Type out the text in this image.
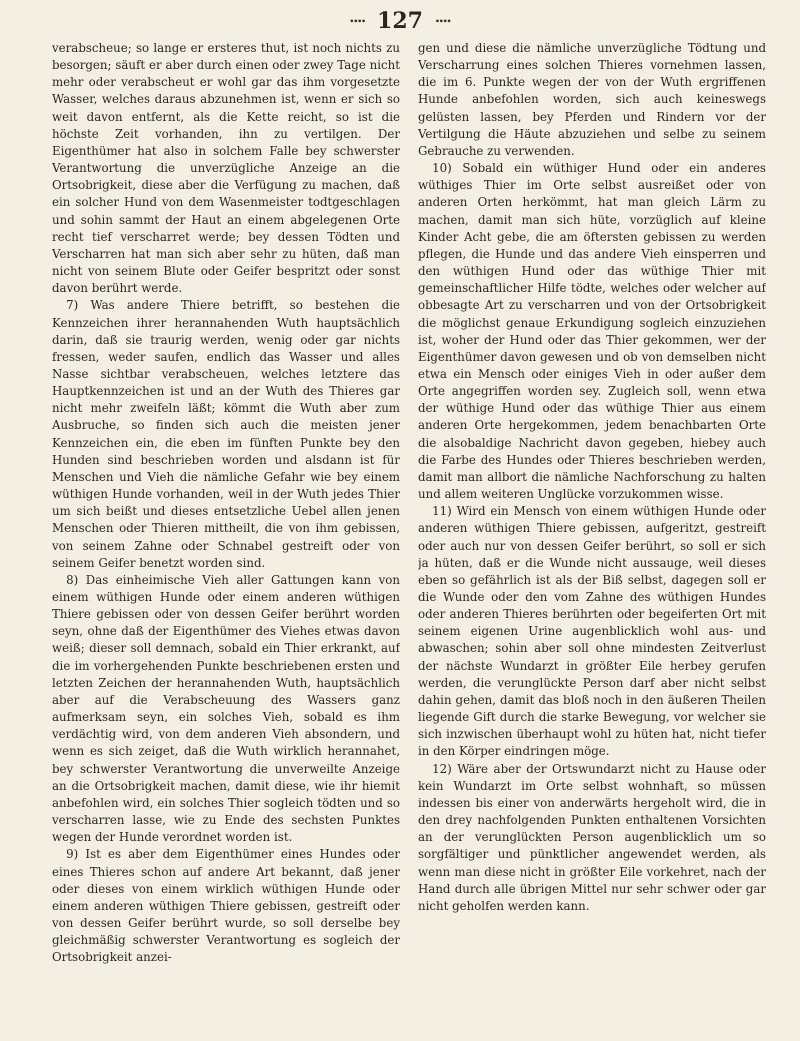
∙∙∙∙ 127 ∙∙∙∙

verabscheue; so lange er ersteres thut, ist noch nichts zu besorgen; säuft er aber durch einen oder zwey Tage nicht mehr oder verabscheut er wohl gar das ihm vorgesetzte Wasser, welches daraus abzunehmen ist, wenn er sich so weit davon entfernt, als die Kette reicht, so ist die höchste Zeit vorhanden, ihn zu vertilgen. Der Eigenthümer hat also in solchem Falle bey schwerster Verantwortung die unverzügliche Anzeige an die Ortsobrigkeit, diese aber die Verfügung zu machen, daß ein solcher Hund von dem Wasenmeister todtgeschlagen und sohin sammt der Haut an einem abgelegenen Orte recht tief verscharret werde; bey dessen Tödten und Verscharren hat man sich aber sehr zu hüten, daß man nicht von seinem Blute oder Geifer bespritzt oder sonst davon berührt werde.

7) Was andere Thiere betrifft, so bestehen die Kennzeichen ihrer herannahenden Wuth hauptsächlich darin, daß sie traurig werden, wenig oder gar nichts fressen, weder saufen, endlich das Wasser und alles Nasse sichtbar verabscheuen, welches letztere das Hauptkennzeichen ist und an der Wuth des Thieres gar nicht mehr zweifeln läßt; kömmt die Wuth aber zum Ausbruche, so finden sich auch die meisten jener Kennzeichen ein, die eben im fünften Punkte bey den Hunden sind beschrieben worden und alsdann ist für Menschen und Vieh die nämliche Gefahr wie bey einem wüthigen Hunde vorhanden, weil in der Wuth jedes Thier um sich beißt und dieses entsetzliche Uebel allen jenen Menschen oder Thieren mittheilt, die von ihm gebissen, von seinem Zahne oder Schnabel gestreift oder von seinem Geifer benetzt worden sind.

8) Das einheimische Vieh aller Gattungen kann von einem wüthigen Hunde oder einem anderen wüthigen Thiere gebissen oder von dessen Geifer berührt worden seyn, ohne daß der Eigenthümer des Viehes etwas davon weiß; dieser soll demnach, sobald ein Thier erkrankt, auf die im vorhergehenden Punkte beschriebenen ersten und letzten Zeichen der herannahenden Wuth, hauptsächlich aber auf die Verabscheuung des Wassers ganz aufmerksam seyn, ein solches Vieh, sobald es ihm verdächtig wird, von dem anderen Vieh absondern, und wenn es sich zeiget, daß die Wuth wirklich herannahet, bey schwerster Verantwortung die unverweilte Anzeige an die Ortsobrigkeit machen, damit diese, wie ihr hiemit anbefohlen wird, ein solches Thier sogleich tödten und so verscharren lasse, wie zu Ende des sechsten Punktes wegen der Hunde verordnet worden ist.

9) Ist es aber dem Eigenthümer eines Hundes oder eines Thieres schon auf andere Art bekannt, daß jener oder dieses von einem wirklich wüthigen Hunde oder einem anderen wüthigen Thiere gebissen, gestreift oder von dessen Geifer berührt wurde, so soll derselbe bey gleichmäßig schwerster Verantwortung es sogleich der Ortsobrigkeit anzei-

gen und diese die nämliche unverzügliche Tödtung und Verscharrung eines solchen Thieres vornehmen lassen, die im 6. Punkte wegen der von der Wuth ergriffenen Hunde anbefohlen worden, sich auch keineswegs gelüsten lassen, bey Pferden und Rindern vor der Vertilgung die Häute abzuziehen und selbe zu seinem Gebrauche zu verwenden.

10) Sobald ein wüthiger Hund oder ein anderes wüthiges Thier im Orte selbst ausreißet oder von anderen Orten herkömmt, hat man gleich Lärm zu machen, damit man sich hüte, vorzüglich auf kleine Kinder Acht gebe, die am öftersten gebissen zu werden pflegen, die Hunde und das andere Vieh einsperren und den wüthigen Hund oder das wüthige Thier mit gemeinschaftlicher Hilfe tödte, welches oder welcher auf obbesagte Art zu verscharren und von der Ortsobrigkeit die möglichst genaue Erkundigung sogleich einzuziehen ist, woher der Hund oder das Thier gekommen, wer der Eigenthümer davon gewesen und ob von demselben nicht etwa ein Mensch oder einiges Vieh in oder außer dem Orte angegriffen worden sey. Zugleich soll, wenn etwa der wüthige Hund oder das wüthige Thier aus einem anderen Orte hergekommen, jedem benachbarten Orte die alsobaldige Nachricht davon gegeben, hiebey auch die Farbe des Hundes oder Thieres beschrieben werden, damit man allbort die nämliche Nachforschung zu halten und allem weiteren Unglücke vorzukommen wisse.

11) Wird ein Mensch von einem wüthigen Hunde oder anderen wüthigen Thiere gebissen, aufgeritzt, gestreift oder auch nur von dessen Geifer berührt, so soll er sich ja hüten, daß er die Wunde nicht aussauge, weil dieses eben so gefährlich ist als der Biß selbst, dagegen soll er die Wunde oder den vom Zahne des wüthigen Hundes oder anderen Thieres berührten oder begeiferten Ort mit seinem eigenen Urine augenblicklich wohl aus- und abwaschen; sohin aber soll ohne mindesten Zeitverlust der nächste Wundarzt in größter Eile herbey gerufen werden, die verunglückte Person darf aber nicht selbst dahin gehen, damit das bloß noch in den äußeren Theilen liegende Gift durch die starke Bewegung, vor welcher sie sich inzwischen überhaupt wohl zu hüten hat, nicht tiefer in den Körper eindringen möge.

12) Wäre aber der Ortswundarzt nicht zu Hause oder kein Wundarzt im Orte selbst wohnhaft, so müssen indessen bis einer von anderwärts hergeholt wird, die in den drey nachfolgenden Punkten enthaltenen Vorsichten an der verunglückten Person augenblicklich um so sorgfältiger und pünktlicher angewendet werden, als wenn man diese nicht in größter Eile vorkehret, nach der Hand durch alle übrigen Mittel nur sehr schwer oder gar nicht geholfen werden kann.
